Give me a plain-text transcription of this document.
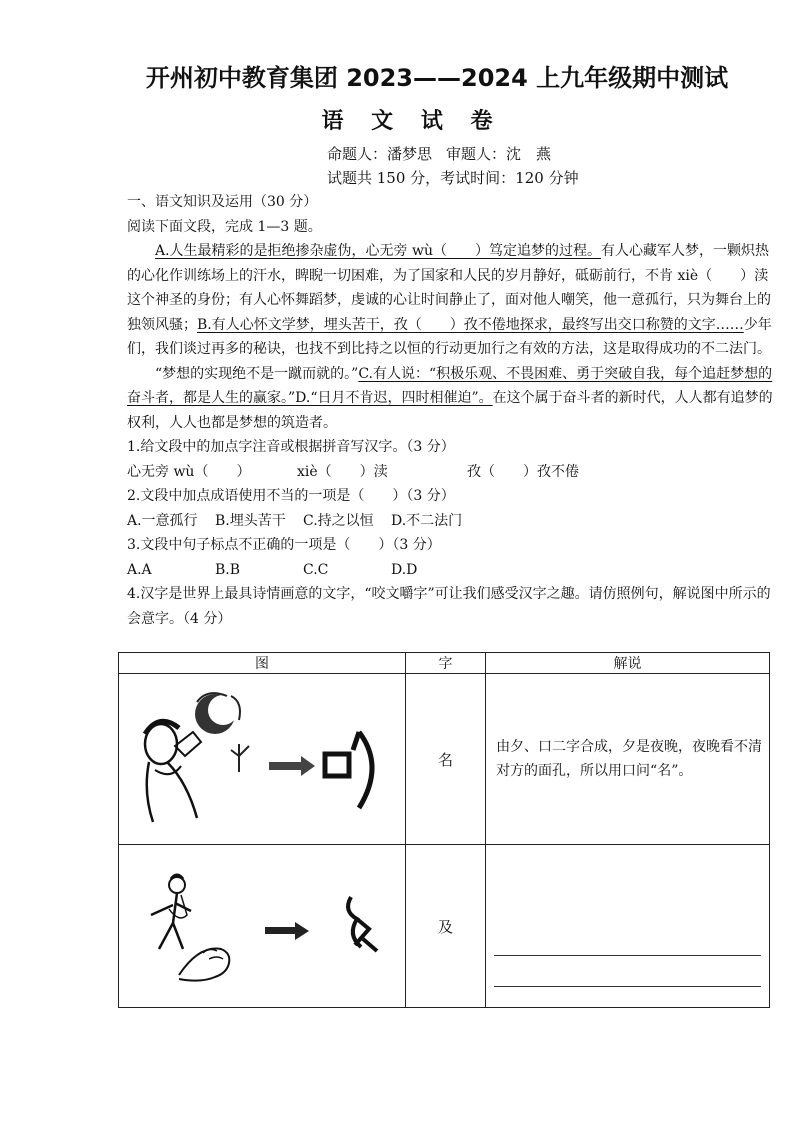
开州初中教育集团 2023——2024 上九年级期中测试
语 文 试 卷
命题人：潘梦思 审题人：沈　燕
试题共 150 分，考试时间：120 分钟

一、语文知识及运用（30 分）

阅读下面文段，完成 1—3 题。

A.人生最精彩的是拒绝掺杂虚伪，心无旁 wù（　　）笃定追梦的过程。有人心藏军人梦，一颗炽热的心化作训练场上的汗水，睥睨一切困难，为了国家和人民的岁月静好，砥砺前行，不肯 xiè（　　）渎这个神圣的身份；有人心怀舞蹈梦，虔诚的心让时间静止了，面对他人嘲笑，他一意孤行，只为舞台上的独领风骚；B.有人心怀文学梦，埋头苦干，孜（　　）孜不倦地探求，最终写出交口称赞的文字……少年们，我们谈过再多的秘诀，也找不到比持之以恒的行动更加行之有效的方法，这是取得成功的不二法门。

“梦想的实现绝不是一蹴而就的。”C.有人说：“积极乐观、不畏困难、勇于突破自我，每个追赶梦想的奋斗者，都是人生的赢家。”D.“日月不肯迟，四时相催迫”。在这个属于奋斗者的新时代，人人都有追梦的权利，人人也都是梦想的筑造者。

1.给文段中的加点字注音或根据拼音写汉字。（3 分）

心无旁 wù（　　）	xiè（　　）渎	孜（　　）孜不倦

2.文段中加点成语使用不当的一项是（　　）（3 分）

A.一意孤行 B.埋头苦干 C.持之以恒 D.不二法门

3.文段中句子标点不正确的一项是（　　）（3 分）

A.A	B.B	C.C	D.D

4.汉字是世界上最具诗情画意的文字，“咬文嚼字”可让我们感受汉字之趣。请仿照例句，解说图中所示的会意字。（4 分）

图	字	解说

	名	由夕、口二字合成，夕是夜晚，夜晚看不清对方的面孔，所以用口问“名”。

	及	
